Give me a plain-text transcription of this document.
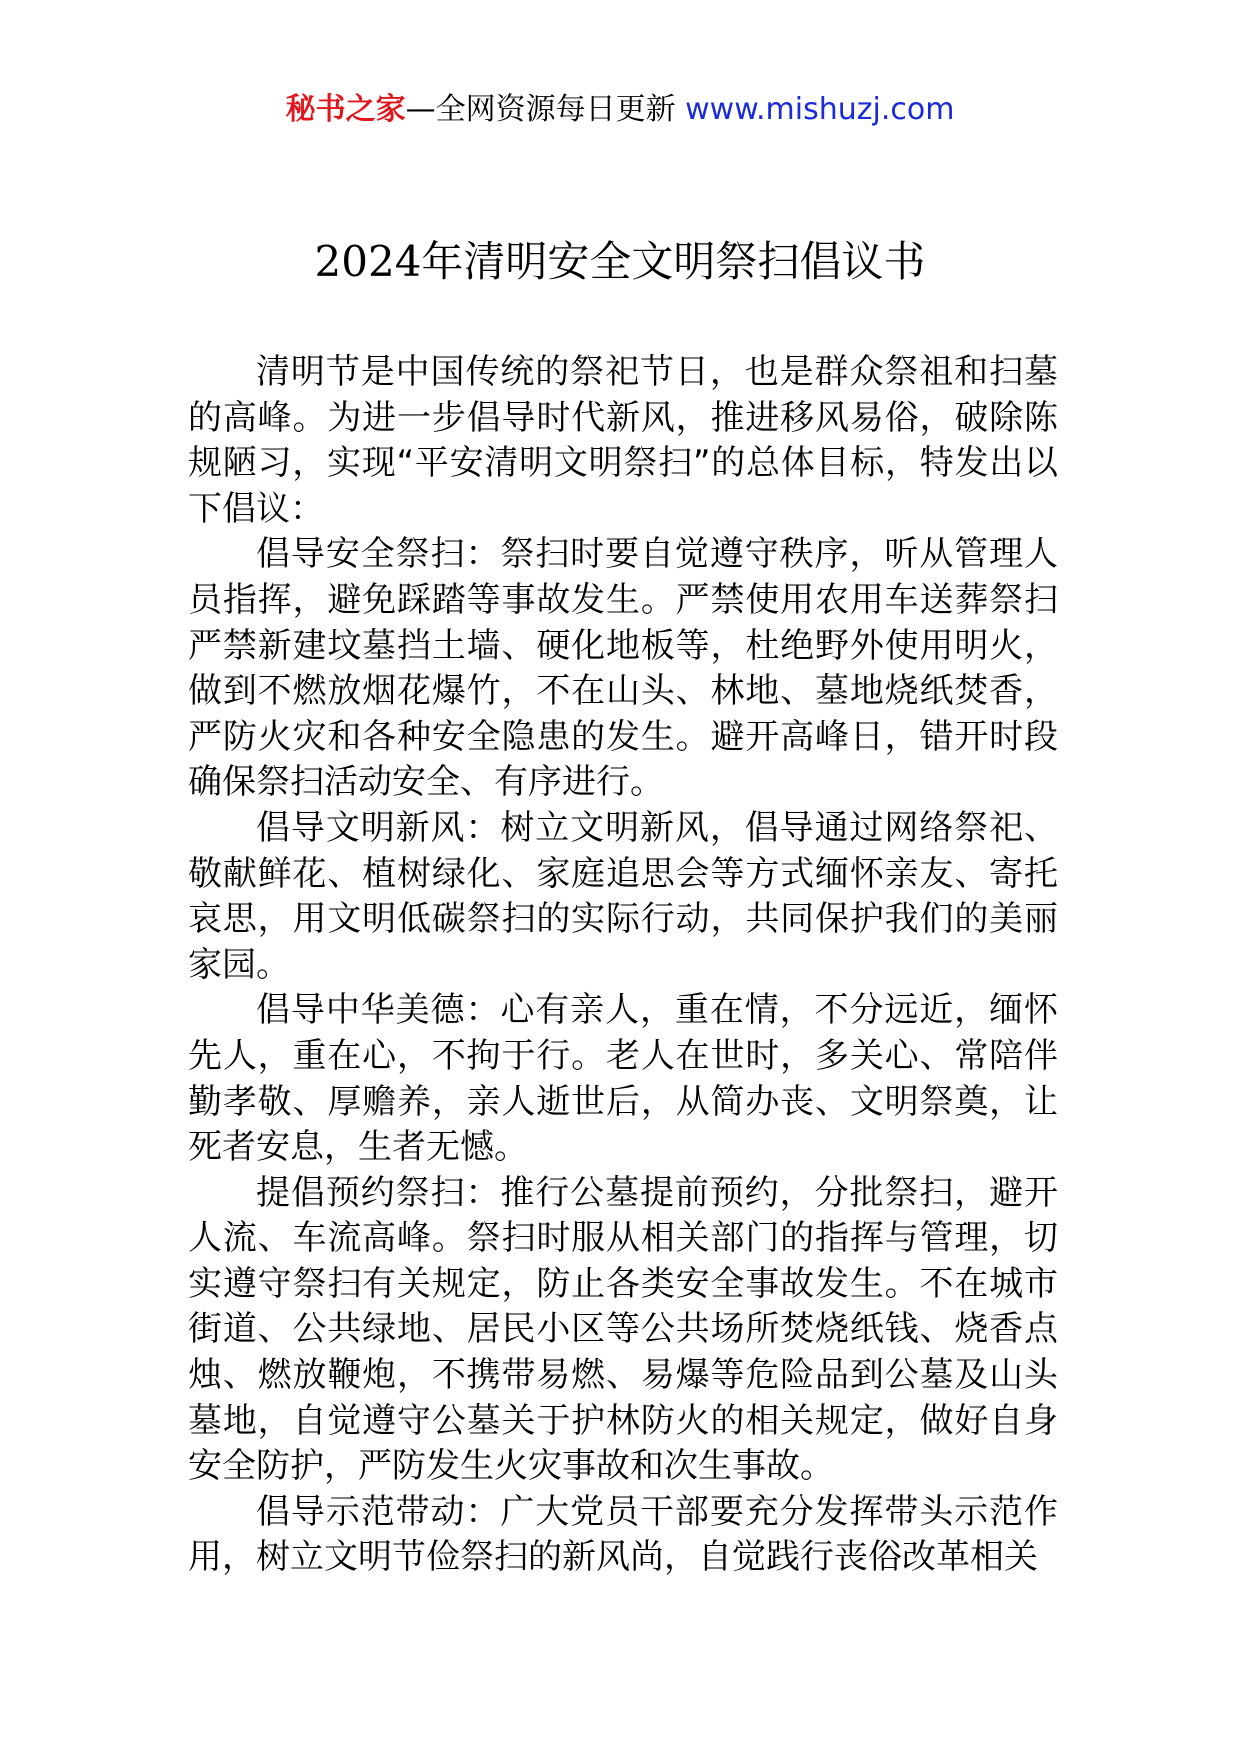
秘书之家—全网资源每日更新 www.mishuzj.com
2024年清明安全文明祭扫倡议书

清明节是中国传统的祭祀节日，也是群众祭祖和扫墓的高峰。为进一步倡导时代新风，推进移风易俗，破除陈规陋习，实现“平安清明文明祭扫”的总体目标，特发出以下倡议：

倡导安全祭扫：祭扫时要自觉遵守秩序，听从管理人员指挥，避免踩踏等事故发生。严禁使用农用车送葬祭扫严禁新建坟墓挡土墙、硬化地板等，杜绝野外使用明火，做到不燃放烟花爆竹，不在山头、林地、墓地烧纸焚香，严防火灾和各种安全隐患的发生。避开高峰日，错开时段确保祭扫活动安全、有序进行。

倡导文明新风：树立文明新风，倡导通过网络祭祀、敬献鲜花、植树绿化、家庭追思会等方式缅怀亲友、寄托哀思，用文明低碳祭扫的实际行动，共同保护我们的美丽家园。

倡导中华美德：心有亲人，重在情，不分远近，缅怀先人，重在心，不拘于行。老人在世时，多关心、常陪伴勤孝敬、厚赡养，亲人逝世后，从简办丧、文明祭奠，让死者安息，生者无憾。

提倡预约祭扫：推行公墓提前预约，分批祭扫，避开人流、车流高峰。祭扫时服从相关部门的指挥与管理，切实遵守祭扫有关规定，防止各类安全事故发生。不在城市街道、公共绿地、居民小区等公共场所焚烧纸钱、烧香点烛、燃放鞭炮，不携带易燃、易爆等危险品到公墓及山头墓地，自觉遵守公墓关于护林防火的相关规定，做好自身安全防护，严防发生火灾事故和次生事故。

倡导示范带动：广大党员干部要充分发挥带头示范作用，树立文明节俭祭扫的新风尚，自觉践行丧俗改革相关
